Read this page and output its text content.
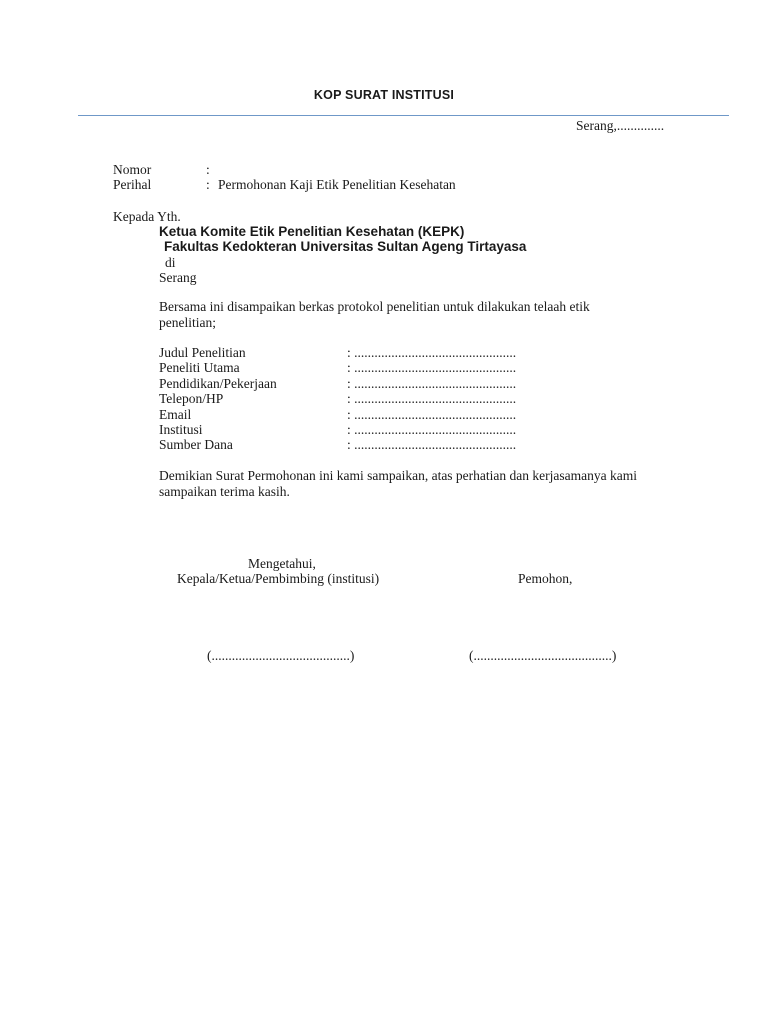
KOP SURAT INSTITUSI
Serang,..............
Nomor	:
Perihal	: Permohonan Kaji Etik Penelitian Kesehatan
Kepada Yth.
Ketua Komite Etik Penelitian Kesehatan (KEPK)
Fakultas Kedokteran Universitas Sultan Ageng Tirtayasa
di
Serang
Bersama ini disampaikan berkas protokol penelitian untuk dilakukan telaah etik penelitian;
Judul Penelitian	: ................................................
Peneliti Utama	: ................................................
Pendidikan/Pekerjaan	: ................................................
Telepon/HP	: ................................................
Email	: ................................................
Institusi	: ................................................
Sumber Dana	: ................................................
Demikian Surat Permohonan ini kami sampaikan, atas perhatian dan kerjasamanya kami sampaikan terima kasih.
Mengetahui,
Kepala/Ketua/Pembimbing (institusi)	Pemohon,
(.........................................)	(.........................................)
